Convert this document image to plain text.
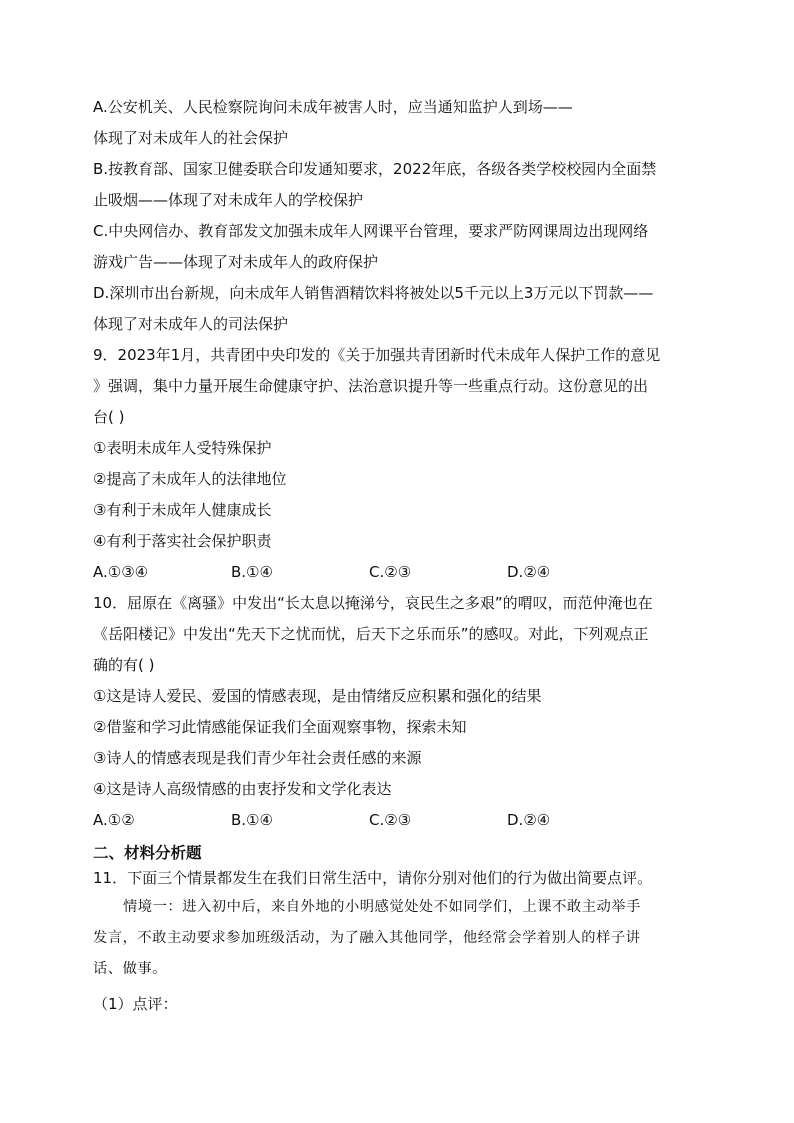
A.公安机关、人民检察院询问未成年被害人时，应当通知监护人到场——
体现了对未成年人的社会保护
B.按教育部、国家卫健委联合印发通知要求，2022年底，各级各类学校校园内全面禁
止吸烟——体现了对未成年人的学校保护
C.中央网信办、教育部发文加强未成年人网课平台管理，要求严防网课周边出现网络
游戏广告——体现了对未成年人的政府保护
D.深圳市出台新规，向未成年人销售酒精饮料将被处以5千元以上3万元以下罚款——
体现了对未成年人的司法保护
9．2023年1月，共青团中央印发的《关于加强共青团新时代未成年人保护工作的意见
》强调，集中力量开展生命健康守护、法治意识提升等一些重点行动。这份意见的出
台( )
①表明未成年人受特殊保护
②提高了未成年人的法律地位
③有利于未成年人健康成长
④有利于落实社会保护职责
A.①③④	B.①④	C.②③	D.②④
10．屈原在《离骚》中发出“长太息以掩涕兮，哀民生之多艰”的喟叹，而范仲淹也在
《岳阳楼记》中发出“先天下之忧而忧，后天下之乐而乐”的感叹。对此，下列观点正
确的有( )
①这是诗人爱民、爱国的情感表现，是由情绪反应积累和强化的结果
②借鉴和学习此情感能保证我们全面观察事物，探索未知
③诗人的情感表现是我们青少年社会责任感的来源
④这是诗人高级情感的由衷抒发和文学化表达
A.①②	B.①④	C.②③	D.②④
二、材料分析题
11．下面三个情景都发生在我们日常生活中，请你分别对他们的行为做出简要点评。
情境一：进入初中后，来自外地的小明感觉处处不如同学们，上课不敢主动举手
发言，不敢主动要求参加班级活动，为了融入其他同学，他经常会学着别人的样子讲
话、做事。
（1）点评：
